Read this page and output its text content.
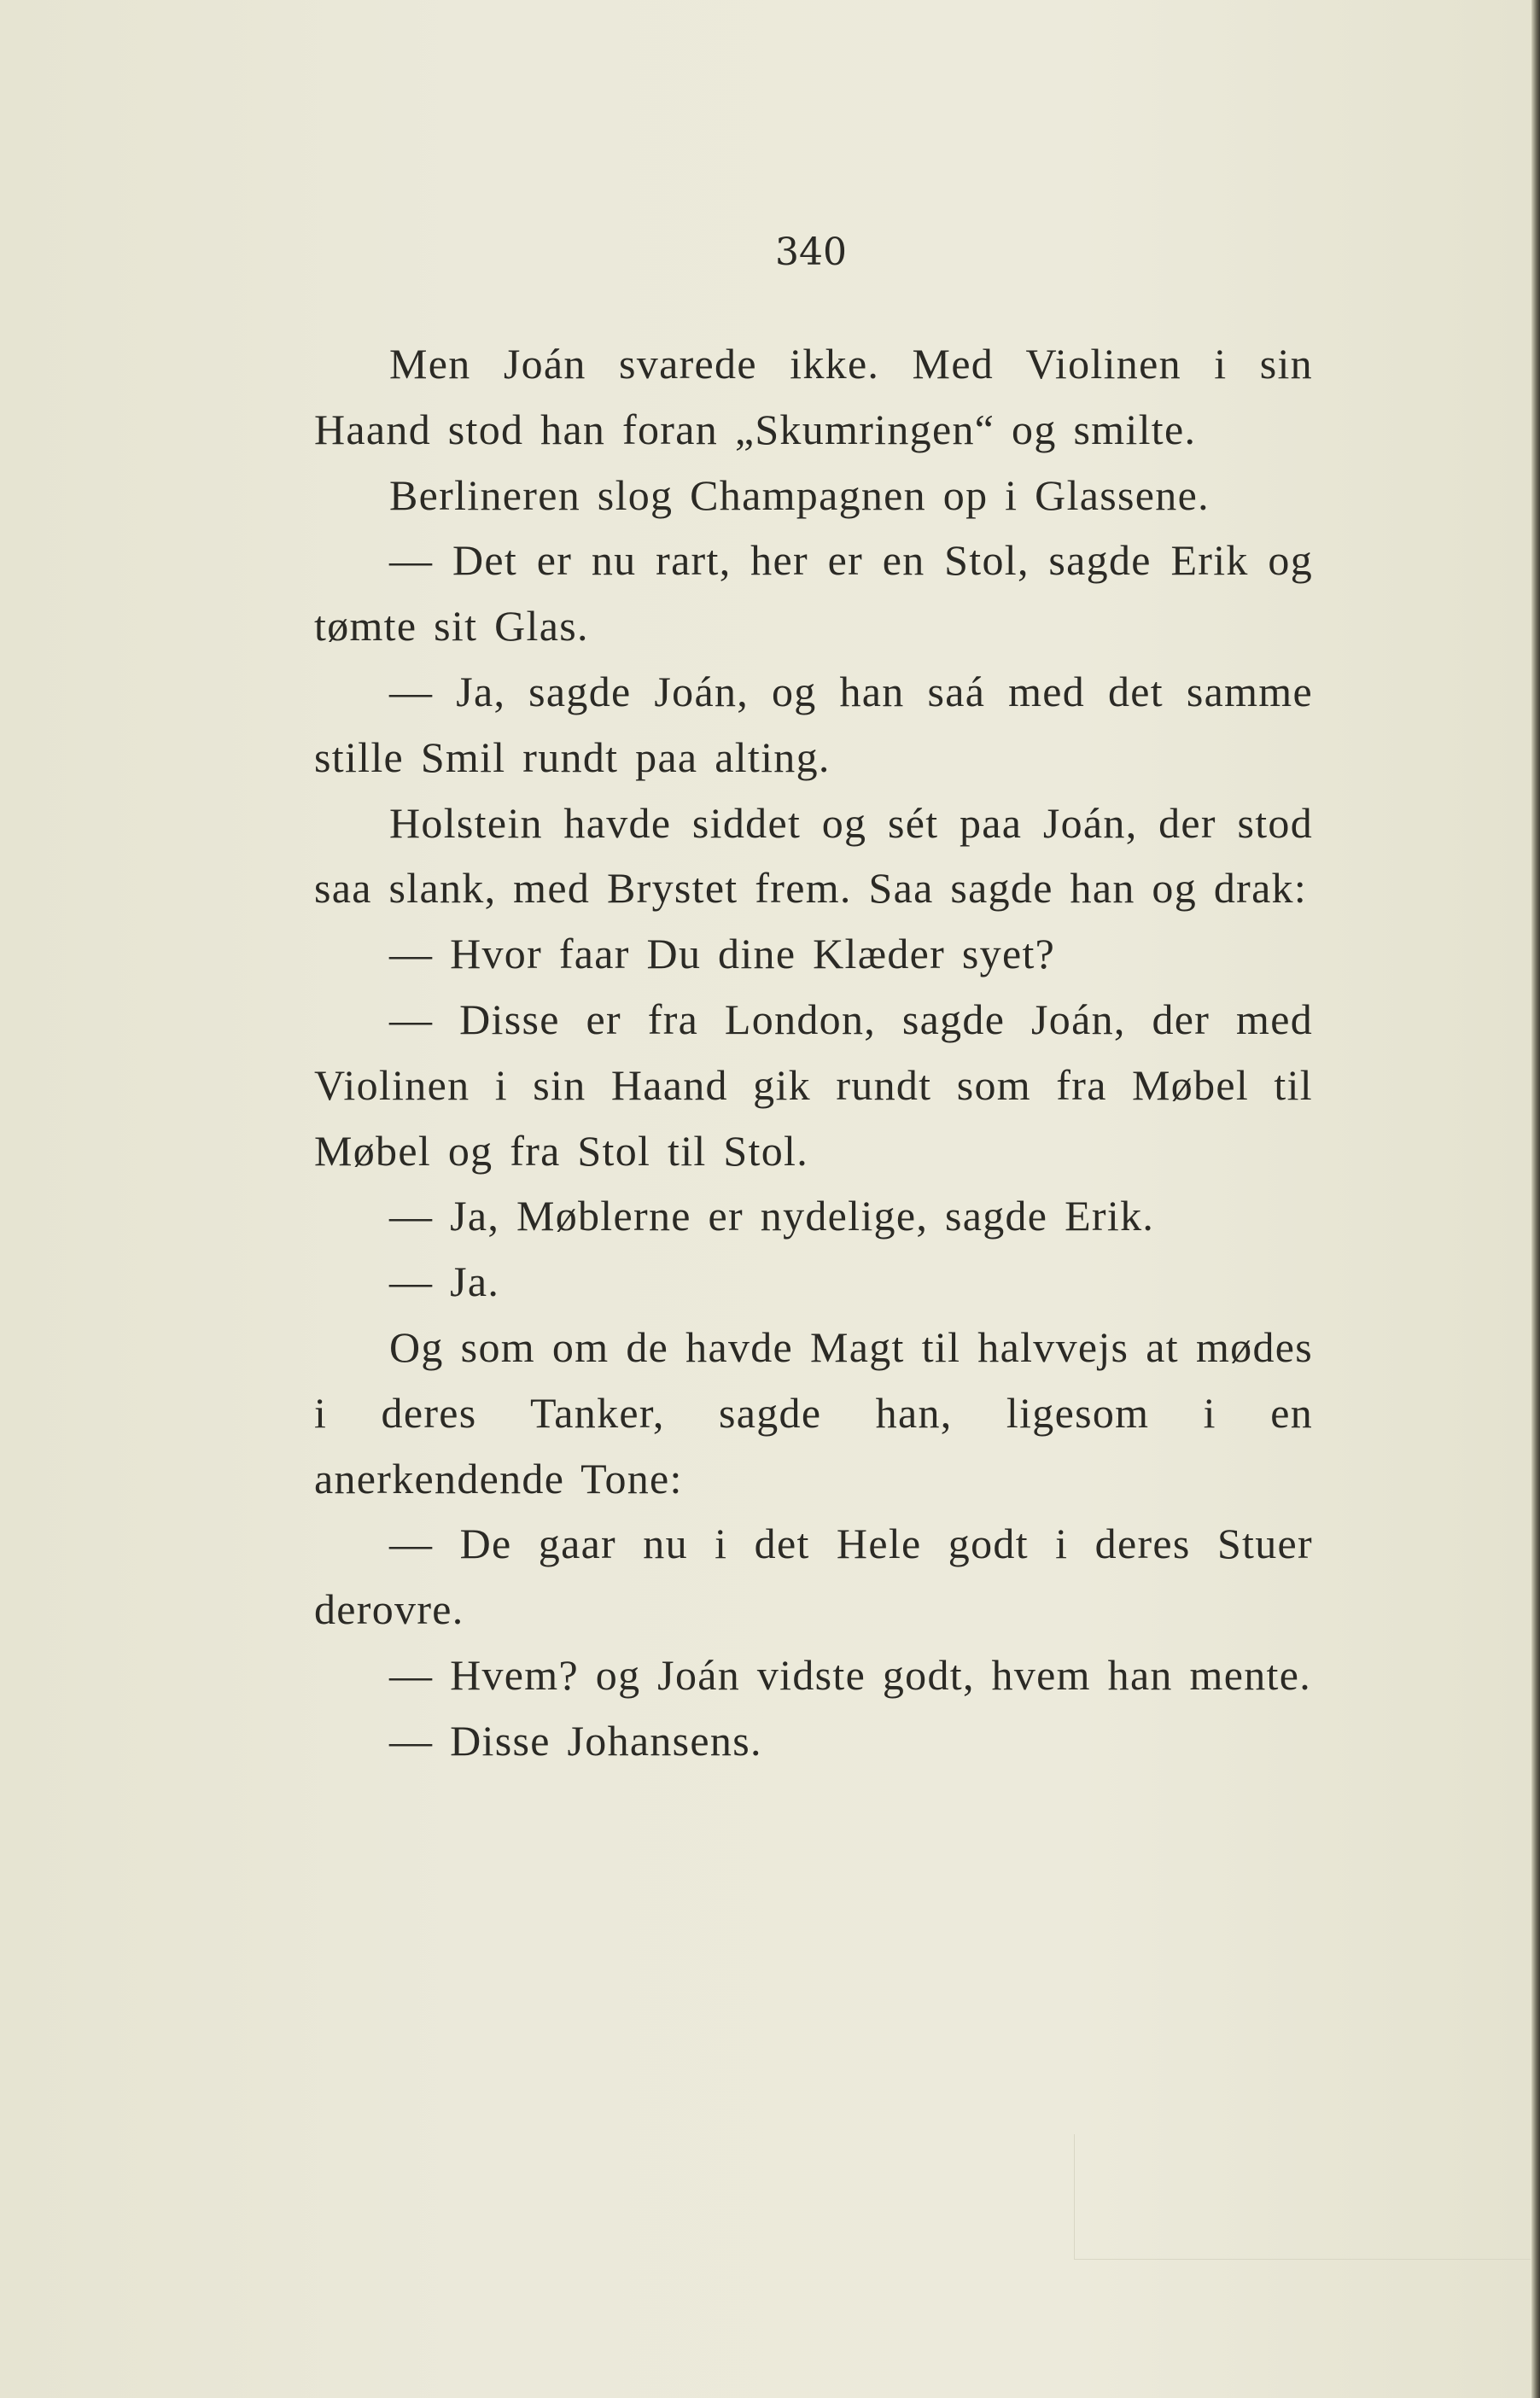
340

Men Joán svarede ikke. Med Violinen i sin Haand stod han foran „Skumringen“ og smilte.

Berlineren slog Champagnen op i Glassene.

— Det er nu rart, her er en Stol, sagde Erik og tømte sit Glas.

— Ja, sagde Joán, og han saá med det samme stille Smil rundt paa alting.

Holstein havde siddet og sét paa Joán, der stod saa slank, med Brystet frem. Saa sagde han og drak:

— Hvor faar Du dine Klæder syet?

— Disse er fra London, sagde Joán, der med Violinen i sin Haand gik rundt som fra Møbel til Møbel og fra Stol til Stol.

— Ja, Møblerne er nydelige, sagde Erik.

— Ja.

Og som om de havde Magt til halvvejs at mødes i deres Tanker, sagde han, ligesom i en anerkendende Tone:

— De gaar nu i det Hele godt i deres Stuer derovre.

— Hvem? og Joán vidste godt, hvem han mente.

— Disse Johansens.
